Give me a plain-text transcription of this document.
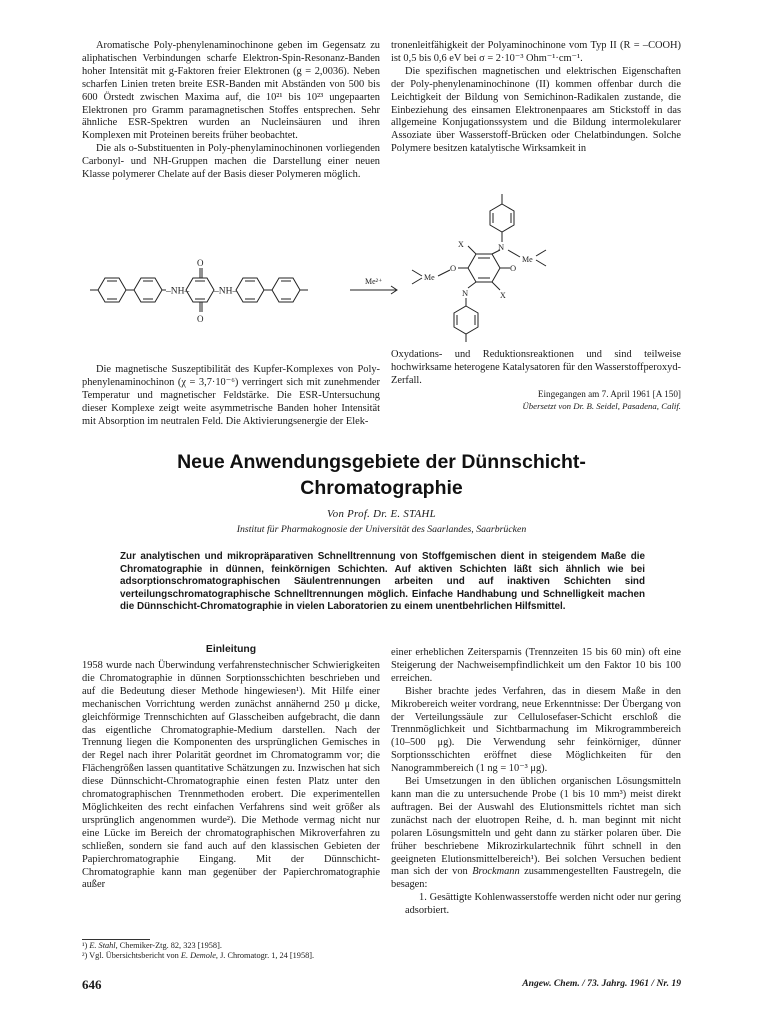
Aromatische Poly-phenylenaminochinone geben im Gegensatz zu aliphatischen Verbindungen scharfe Elektron-Spin-Resonanz-Banden hoher Intensität mit g-Faktoren freier Elektronen (g = 2,0036). Neben scharfen Linien treten breite ESR-Banden mit Abständen von 500 bis 600 Örstedt zwischen Maxima auf, die 10²¹ bis 10²³ ungepaarten Elektronen pro Gramm paramagnetischen Stoffes entsprechen. Sehr ähnliche ESR-Spektren wurden an Nucleinsäuren und ihren Komplexen mit Proteinen bereits früher beobachtet.

Die als o-Substituenten in Poly-phenylaminochinonen vorliegenden Carbonyl- und NH-Gruppen machen die Darstellung einer neuen Klasse polymerer Chelate auf der Basis dieser Polymeren möglich.

tronenleitfähigkeit der Polyaminochinone vom Typ II (R = –COOH) ist 0,5 bis 0,6 eV bei σ = 2·10⁻³ Ohm⁻¹·cm⁻¹.

Die spezifischen magnetischen und elektrischen Eigenschaften der Poly-phenylenaminochinone (II) kommen offenbar durch die Leichtigkeit der Bildung von Semichinon-Radikalen zustande, die Einbeziehung des einsamen Elektronenpaares am Stickstoff in das allgemeine Konjugationssystem und die Bildung intermolekularer Assoziate über Wasserstoff-Brücken oder Chelatbindungen. Solche Polymere besitzen katalytische Wirksamkeit in

–NH–
O
O
–NH–
Me²⁺
N
X
X
O	O
Me
Me
N

Die magnetische Suszeptibilität des Kupfer-Komplexes von Poly-phenylenaminochinon (χ = 3,7·10⁻⁶) verringert sich mit zunehmender Temperatur und magnetischer Feldstärke. Die ESR-Untersuchung dieser Komplexe zeigt weite asymmetrische Banden hoher Intensität mit Absorption im neutralen Feld. Die Aktivierungsenergie der Elek-

Oxydations- und Reduktionsreaktionen und sind teilweise hochwirksame heterogene Katalysatoren für den Wasserstoffperoxyd-Zerfall.

Eingegangen am 7. April 1961 [A 150]
Übersetzt von Dr. B. Seidel, Pasadena, Calif.
Neue Anwendungsgebiete der Dünnschicht-
Chromatographie
Von Prof. Dr. E. STAHL
Institut für Pharmakognosie der Universität des Saarlandes, Saarbrücken
Zur analytischen und mikropräparativen Schnelltrennung von Stoffgemischen dient in steigendem Maße die Chromatographie in dünnen, feinkörnigen Schichten. Auf aktiven Schichten läßt sich ähnlich wie bei adsorptionschromatographischen Säulentrennungen arbeiten und auf inaktiven Schichten sind verteilungschromatographische Schnelltrennungen möglich. Einfache Handhabung und Schnelligkeit machen die Dünnschicht-Chromatographie in vielen Laboratorien zu einem unentbehrlichen Hilfsmittel.
Einleitung

1958 wurde nach Überwindung verfahrenstechnischer Schwierigkeiten die Chromatographie in dünnen Sorptionsschichten beschrieben und auf die Bedeutung dieser Methode hingewiesen¹). Mit Hilfe einer mechanischen Vorrichtung werden zunächst annähernd 250 μ dicke, gleichförmige Trennschichten auf Glasscheiben aufgebracht, die dann das eigentliche Chromatographie-Medium darstellen. Nach der Trennung liegen die Komponenten des ursprünglichen Gemisches in der Regel nach ihrer Polarität geordnet im Chromatogramm vor; die Flächengrößen lassen quantitative Schätzungen zu. Inzwischen hat sich diese Dünnschicht-Chromatographie einen festen Platz unter den chromatographischen Trennmethoden erobert. Die experimentellen Möglichkeiten des recht einfachen Verfahrens sind weit größer als ursprünglich angenommen wurde²). Die Methode vermag nicht nur eine Lücke im Bereich der chromatographischen Mikroverfahren zu schließen, sondern sie fand auch auf den klassischen Gebieten der Papierchromatographie Eingang. Mit der Dünnschicht-Chromatographie kann man gegenüber der Papierchromatographie außer

einer erheblichen Zeitersparnis (Trennzeiten 15 bis 60 min) oft eine Steigerung der Nachweisempfindlichkeit um den Faktor 10 bis 100 erreichen.

Bisher brachte jedes Verfahren, das in diesem Maße in den Mikrobereich weiter vordrang, neue Erkenntnisse: Der Übergang von der Verteilungssäule zur Cellulosefaser-Schicht erschloß die Trennmöglichkeit und Sichtbarmachung im Mikrogrammbereich (10–500 μg). Die Verwendung sehr feinkörniger, dünner Sorptionsschichten eröffnet diese Möglichkeiten für den Nanogrammbereich (1 ng = 10⁻³ μg).

Bei Umsetzungen in den üblichen organischen Lösungsmitteln kann man die zu untersuchende Probe (1 bis 10 mm³) meist direkt auftragen. Bei der Auswahl des Elutionsmittels richtet man sich zunächst nach der eluotropen Reihe, d. h. man beginnt mit nicht polaren Lösungsmitteln und geht dann zu stärker polaren über. Die früher beschriebene Mikrozirkulartechnik führt schnell in den geeigneten Elutionsmittelbereich¹). Bei solchen Versuchen bedient man sich der von Brockmann zusammengestellten Faustregeln, die besagen:

1. Gesättigte Kohlenwasserstoffe werden nicht oder nur gering adsorbiert.

¹) E. Stahl, Chemiker-Ztg. 82, 323 [1958].
²) Vgl. Übersichtsbericht von E. Demole, J. Chromatogr. 1, 24 [1958].
646	Angew. Chem. / 73. Jahrg. 1961 / Nr. 19
